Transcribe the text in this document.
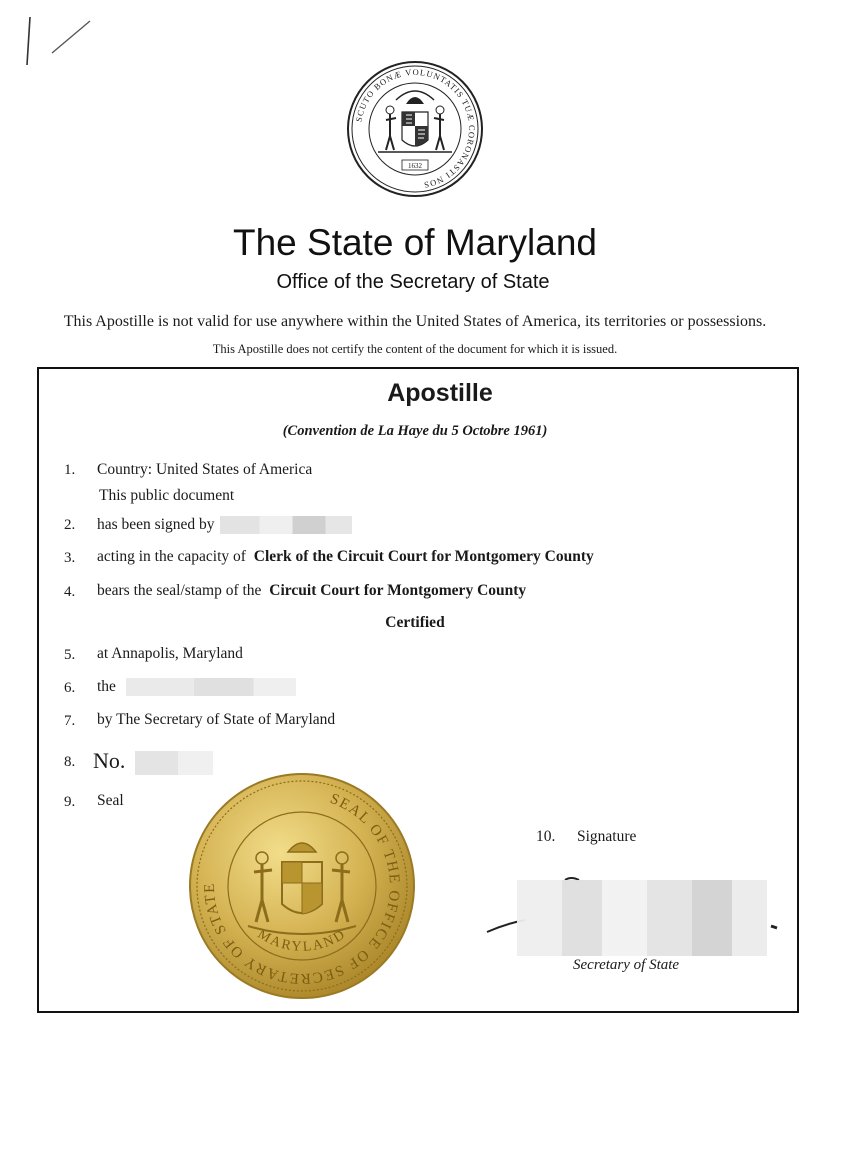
SCUTO BONÆ VOLUNTATIS TUÆ CORONASTI NOS
1632
The State of Maryland
Office of the Secretary of State
This Apostille is not valid for use anywhere within the United States of America, its territories or possessions.
This Apostille does not certify the content of the document for which it is issued.
Apostille
(Convention de La Haye du 5 Octobre 1961)
1.	Country: United States of America
This public document
2.	has been signed by
3.	acting in the capacity of Clerk of the Circuit Court for Montgomery County
4.	bears the seal/stamp of the Circuit Court for Montgomery County
Certified
5.	at Annapolis, Maryland
6.	the
7.	by The Secretary of State of Maryland
8. No.
9.	Seal	SEAL OF THE OFFICE OF SECRETARY OF STATE
MARYLAND
10. Signature
Secretary of State
